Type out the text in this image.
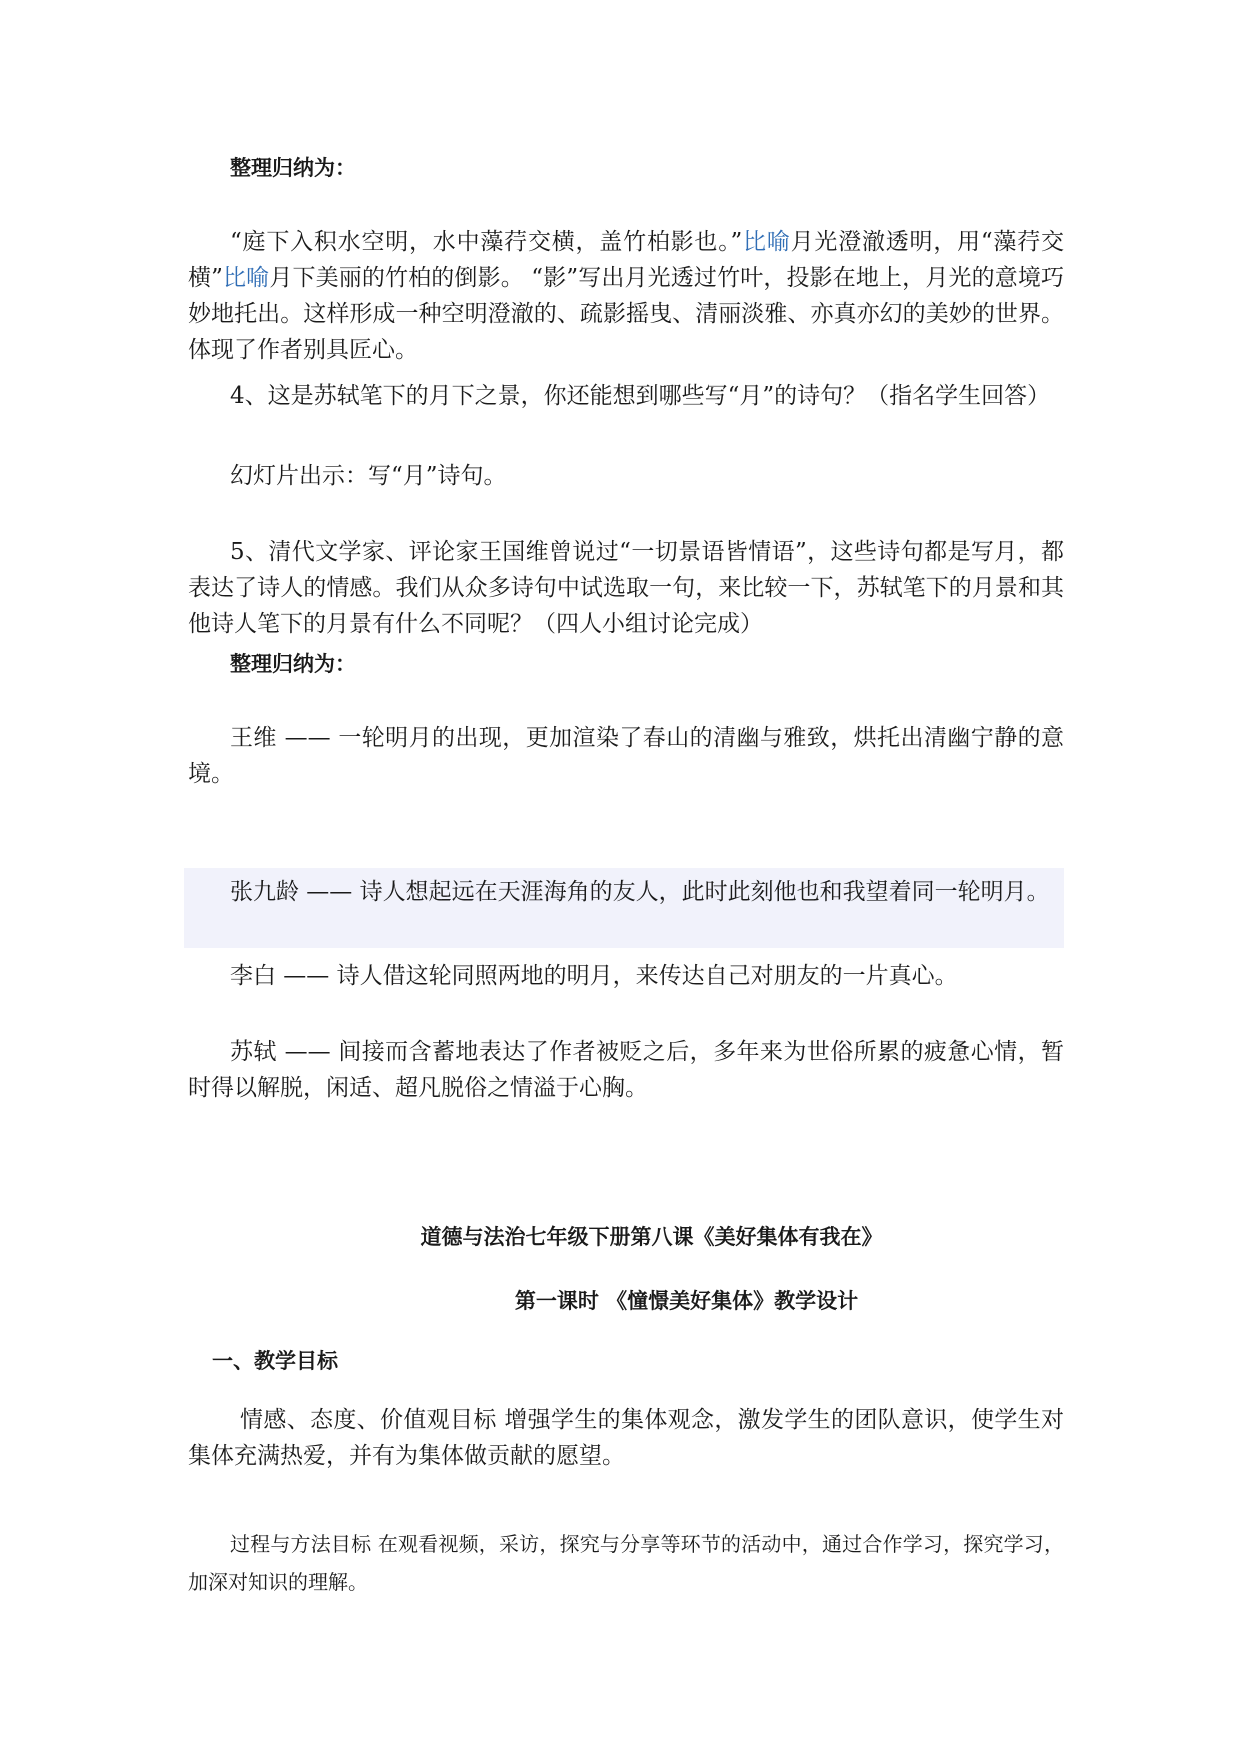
整理归纳为：

“庭下入积水空明，水中藻荇交横，盖竹柏影也。”比喻月光澄澈透明，用“藻荇交横”比喻月下美丽的竹柏的倒影。 “影”写出月光透过竹叶，投影在地上，月光的意境巧妙地托出。这样形成一种空明澄澈的、疏影摇曳、清丽淡雅、亦真亦幻的美妙的世界。体现了作者别具匠心。

4、这是苏轼笔下的月下之景，你还能想到哪些写“月”的诗句？（指名学生回答）

幻灯片出示：写“月”诗句。

5、清代文学家、评论家王国维曾说过“一切景语皆情语”，这些诗句都是写月，都表达了诗人的情感。我们从众多诗句中试选取一句，来比较一下，苏轼笔下的月景和其他诗人笔下的月景有什么不同呢？（四人小组讨论完成）

整理归纳为：

王维 —— 一轮明月的出现，更加渲染了春山的清幽与雅致，烘托出清幽宁静的意境。

张九龄 —— 诗人想起远在天涯海角的友人，此时此刻他也和我望着同一轮明月。

李白 —— 诗人借这轮同照两地的明月，来传达自己对朋友的一片真心。

苏轼 —— 间接而含蓄地表达了作者被贬之后，多年来为世俗所累的疲惫心情，暂时得以解脱，闲适、超凡脱俗之情溢于心胸。

道德与法治七年级下册第八课《美好集体有我在》

第一课时 《憧憬美好集体》教学设计

一、教学目标

情感、态度、价值观目标 增强学生的集体观念，激发学生的团队意识，使学生对集体充满热爱，并有为集体做贡献的愿望。

过程与方法目标 在观看视频，采访，探究与分享等环节的活动中，通过合作学习，探究学习， 加深对知识的理解。
